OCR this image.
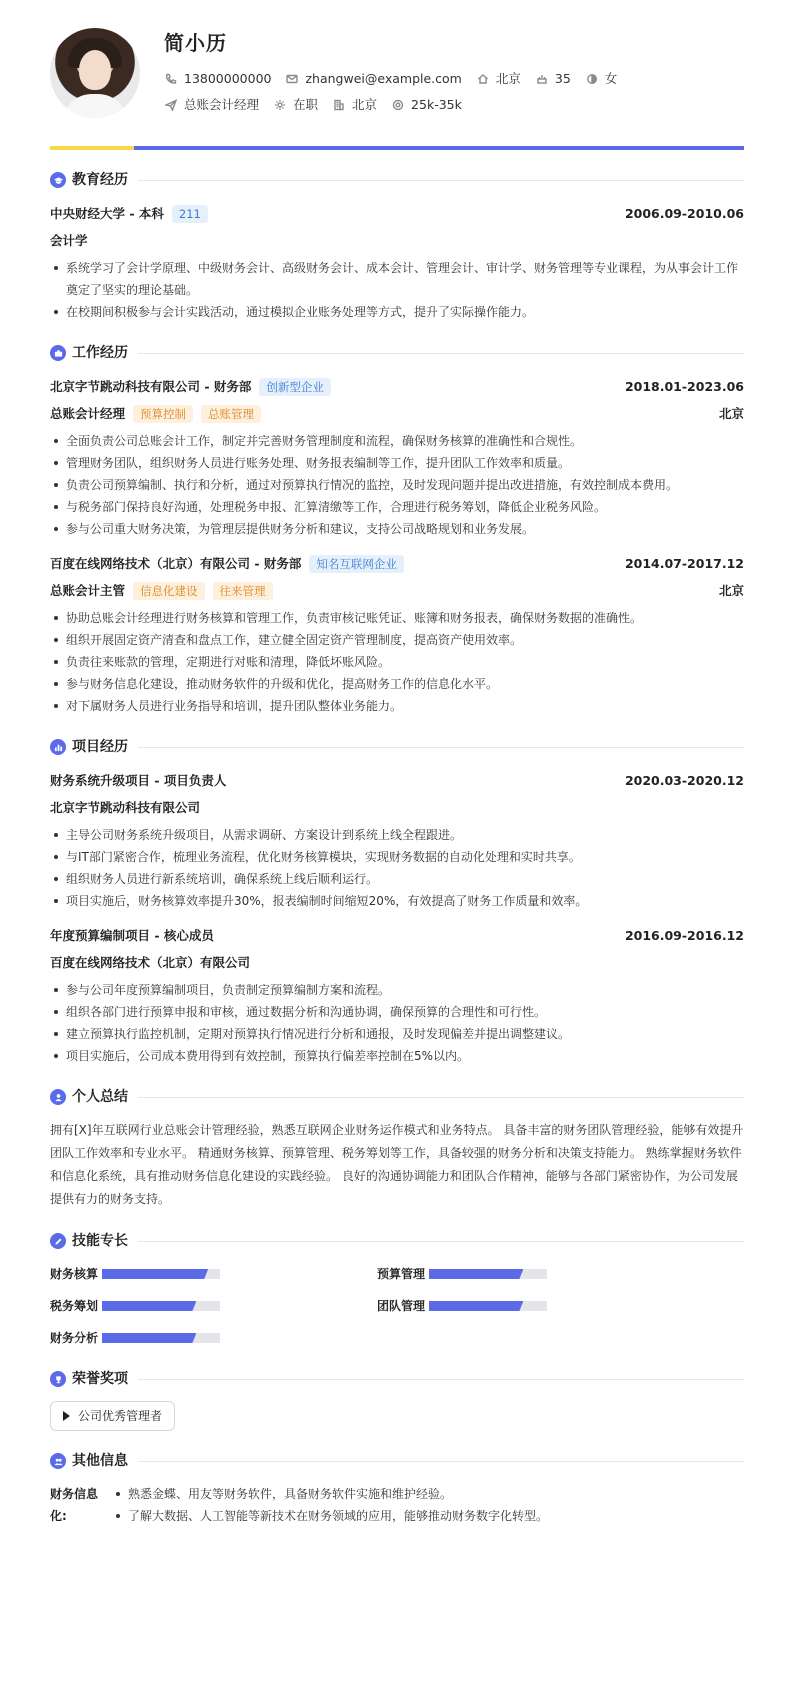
简小历
13800000000	zhangwei@example.com	北京	35	女
总账会计经理	在职	北京	25k-35k
教育经历
中央财经大学 - 本科	211	2006.09-2010.06
会计学
系统学习了会计学原理、中级财务会计、高级财务会计、成本会计、管理会计、审计学、财务管理等专业课程，为从事会计工作奠定了坚实的理论基础。
在校期间积极参与会计实践活动，通过模拟企业账务处理等方式，提升了实际操作能力。
工作经历
北京字节跳动科技有限公司 - 财务部	创新型企业	2018.01-2023.06
总账会计经理	预算控制	总账管理	北京
全面负责公司总账会计工作，制定并完善财务管理制度和流程，确保财务核算的准确性和合规性。
管理财务团队，组织财务人员进行账务处理、财务报表编制等工作，提升团队工作效率和质量。
负责公司预算编制、执行和分析，通过对预算执行情况的监控，及时发现问题并提出改进措施，有效控制成本费用。
与税务部门保持良好沟通，处理税务申报、汇算清缴等工作，合理进行税务筹划，降低企业税务风险。
参与公司重大财务决策，为管理层提供财务分析和建议，支持公司战略规划和业务发展。
百度在线网络技术（北京）有限公司 - 财务部	知名互联网企业	2014.07-2017.12
总账会计主管	信息化建设	往来管理	北京
协助总账会计经理进行财务核算和管理工作，负责审核记账凭证、账簿和财务报表，确保财务数据的准确性。
组织开展固定资产清查和盘点工作，建立健全固定资产管理制度，提高资产使用效率。
负责往来账款的管理，定期进行对账和清理，降低坏账风险。
参与财务信息化建设，推动财务软件的升级和优化，提高财务工作的信息化水平。
对下属财务人员进行业务指导和培训，提升团队整体业务能力。
项目经历
财务系统升级项目 - 项目负责人	2020.03-2020.12
北京字节跳动科技有限公司
主导公司财务系统升级项目，从需求调研、方案设计到系统上线全程跟进。
与IT部门紧密合作，梳理业务流程，优化财务核算模块，实现财务数据的自动化处理和实时共享。
组织财务人员进行新系统培训，确保系统上线后顺利运行。
项目实施后，财务核算效率提升30%，报表编制时间缩短20%，有效提高了财务工作质量和效率。
年度预算编制项目 - 核心成员	2016.09-2016.12
百度在线网络技术（北京）有限公司
参与公司年度预算编制项目，负责制定预算编制方案和流程。
组织各部门进行预算申报和审核，通过数据分析和沟通协调，确保预算的合理性和可行性。
建立预算执行监控机制，定期对预算执行情况进行分析和通报，及时发现偏差并提出调整建议。
项目实施后，公司成本费用得到有效控制，预算执行偏差率控制在5%以内。
个人总结
拥有[X]年互联网行业总账会计管理经验，熟悉互联网企业财务运作模式和业务特点。 具备丰富的财务团队管理经验，能够有效提升团队工作效率和专业水平。 精通财务核算、预算管理、税务筹划等工作，具备较强的财务分析和决策支持能力。 熟练掌握财务软件和信息化系统，具有推动财务信息化建设的实践经验。 良好的沟通协调能力和团队合作精神，能够与各部门紧密协作，为公司发展提供有力的财务支持。
技能专长
财务核算	预算管理
税务筹划	团队管理
财务分析
荣誉奖项
公司优秀管理者
其他信息
财务信息化:
熟悉金蝶、用友等财务软件，具备财务软件实施和维护经验。
了解大数据、人工智能等新技术在财务领域的应用，能够推动财务数字化转型。
